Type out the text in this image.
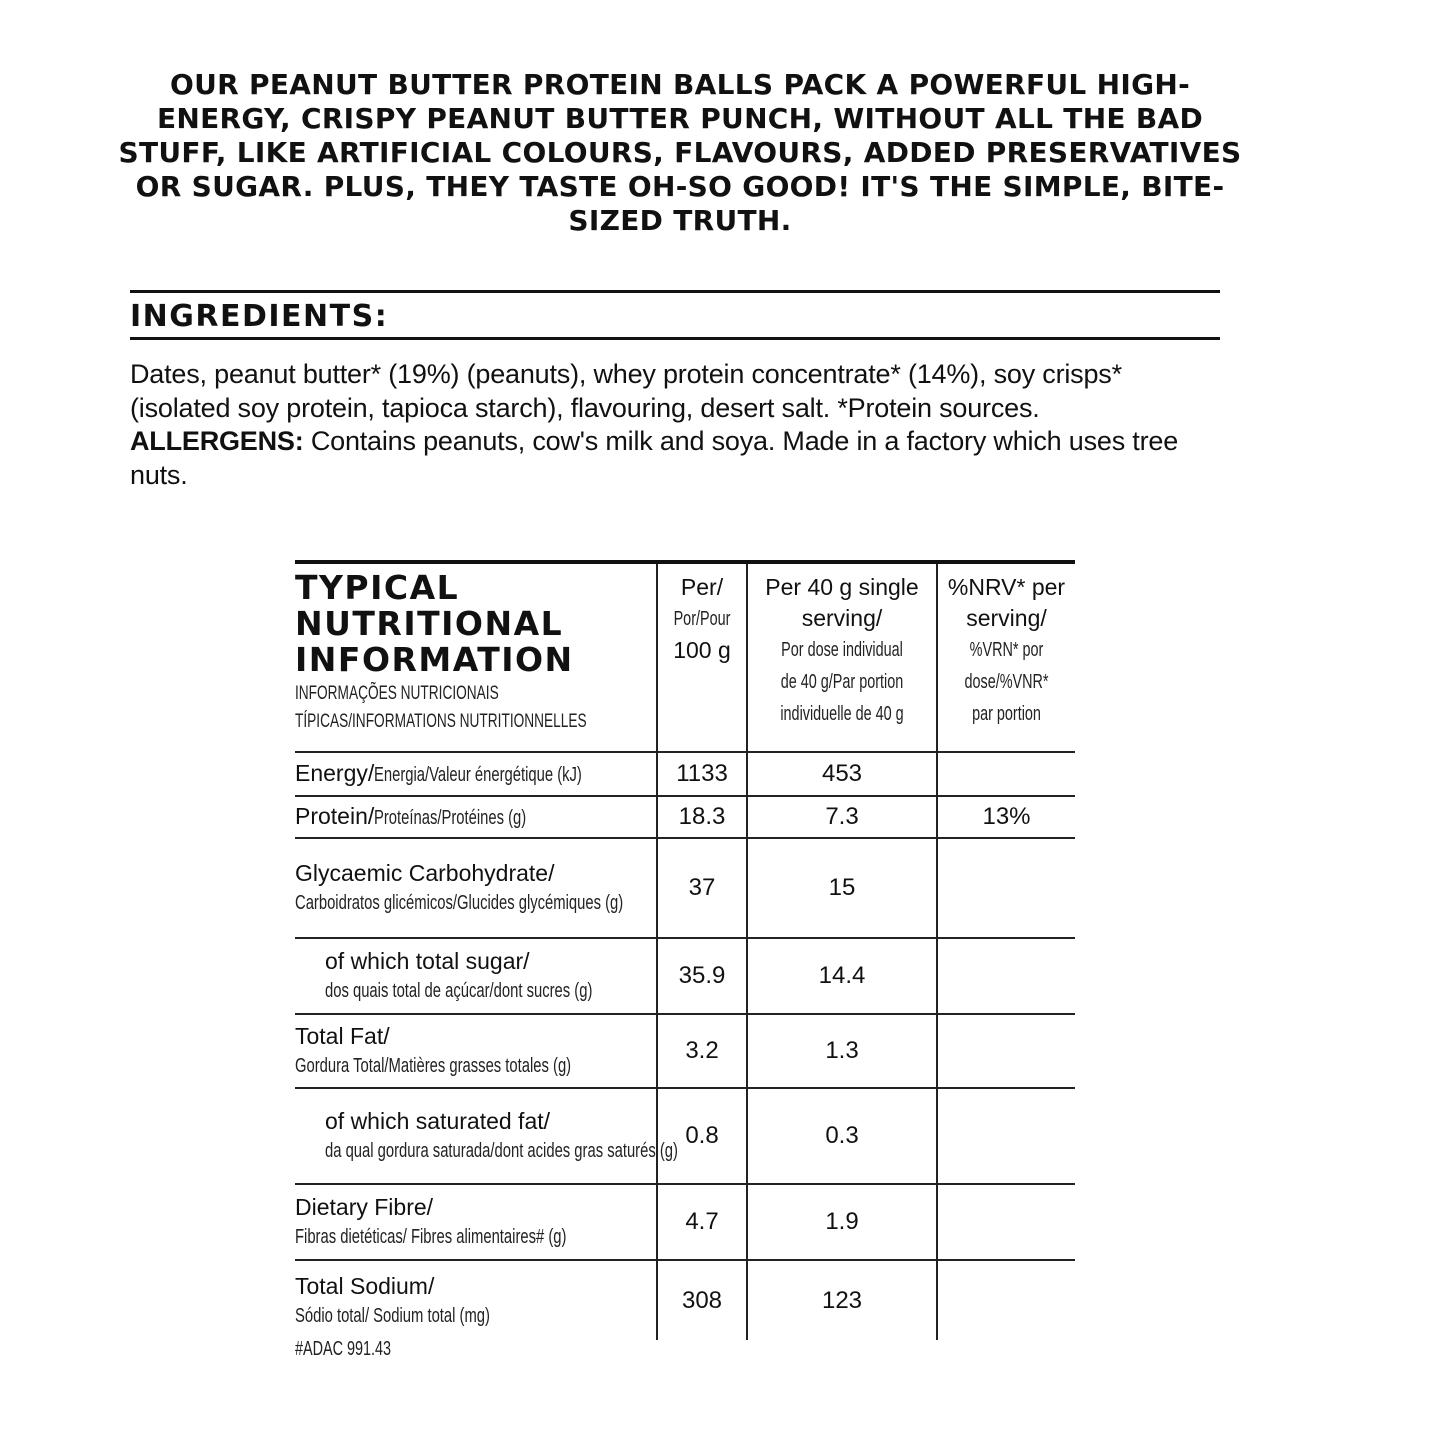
OUR PEANUT BUTTER PROTEIN BALLS PACK A POWERFUL HIGH-ENERGY, CRISPY PEANUT BUTTER PUNCH, WITHOUT ALL THE BAD STUFF, LIKE ARTIFICIAL COLOURS, FLAVOURS, ADDED PRESERVATIVES OR SUGAR. PLUS, THEY TASTE OH-SO GOOD! IT'S THE SIMPLE, BITE-SIZED TRUTH.

INGREDIENTS:

Dates, peanut butter* (19%) (peanuts), whey protein concentrate* (14%), soy crisps* (isolated soy protein, tapioca starch), flavouring, desert salt. *Protein sources.
ALLERGENS: Contains peanuts, cow's milk and soya. Made in a factory which uses tree nuts.

TYPICAL NUTRITIONAL INFORMATION
INFORMAÇÕES NUTRICIONAIS TÍPICAS/INFORMATIONS NUTRITIONNELLES	Per/
Por/Pour
100 g	Per 40 g single serving/
Por dose individual
de 40 g/Par portion
individuelle de 40 g	%NRV* per serving/
%VRN* por
dose/%VNR*
par portion

Energy/Energia/Valeur énergétique (kJ)	1133	453	
Protein/Proteínas/Protéines (g)	18.3	7.3	13%
Glycaemic Carbohydrate/
Carboidratos glicémicos/Glucides glycémiques (g)	37	15	
of which total sugar/
dos quais total de açúcar/dont sucres (g)	35.9	14.4	
Total Fat/
Gordura Total/Matières grasses totales (g)	3.2	1.3	
of which saturated fat/
da qual gordura saturada/dont acides gras saturés (g)	0.8	0.3	
Dietary Fibre/
Fibras dietéticas/ Fibres alimentaires# (g)	4.7	1.9	
Total Sodium/
Sódio total/ Sodium total (mg)	308	123	

#ADAC 991.43
